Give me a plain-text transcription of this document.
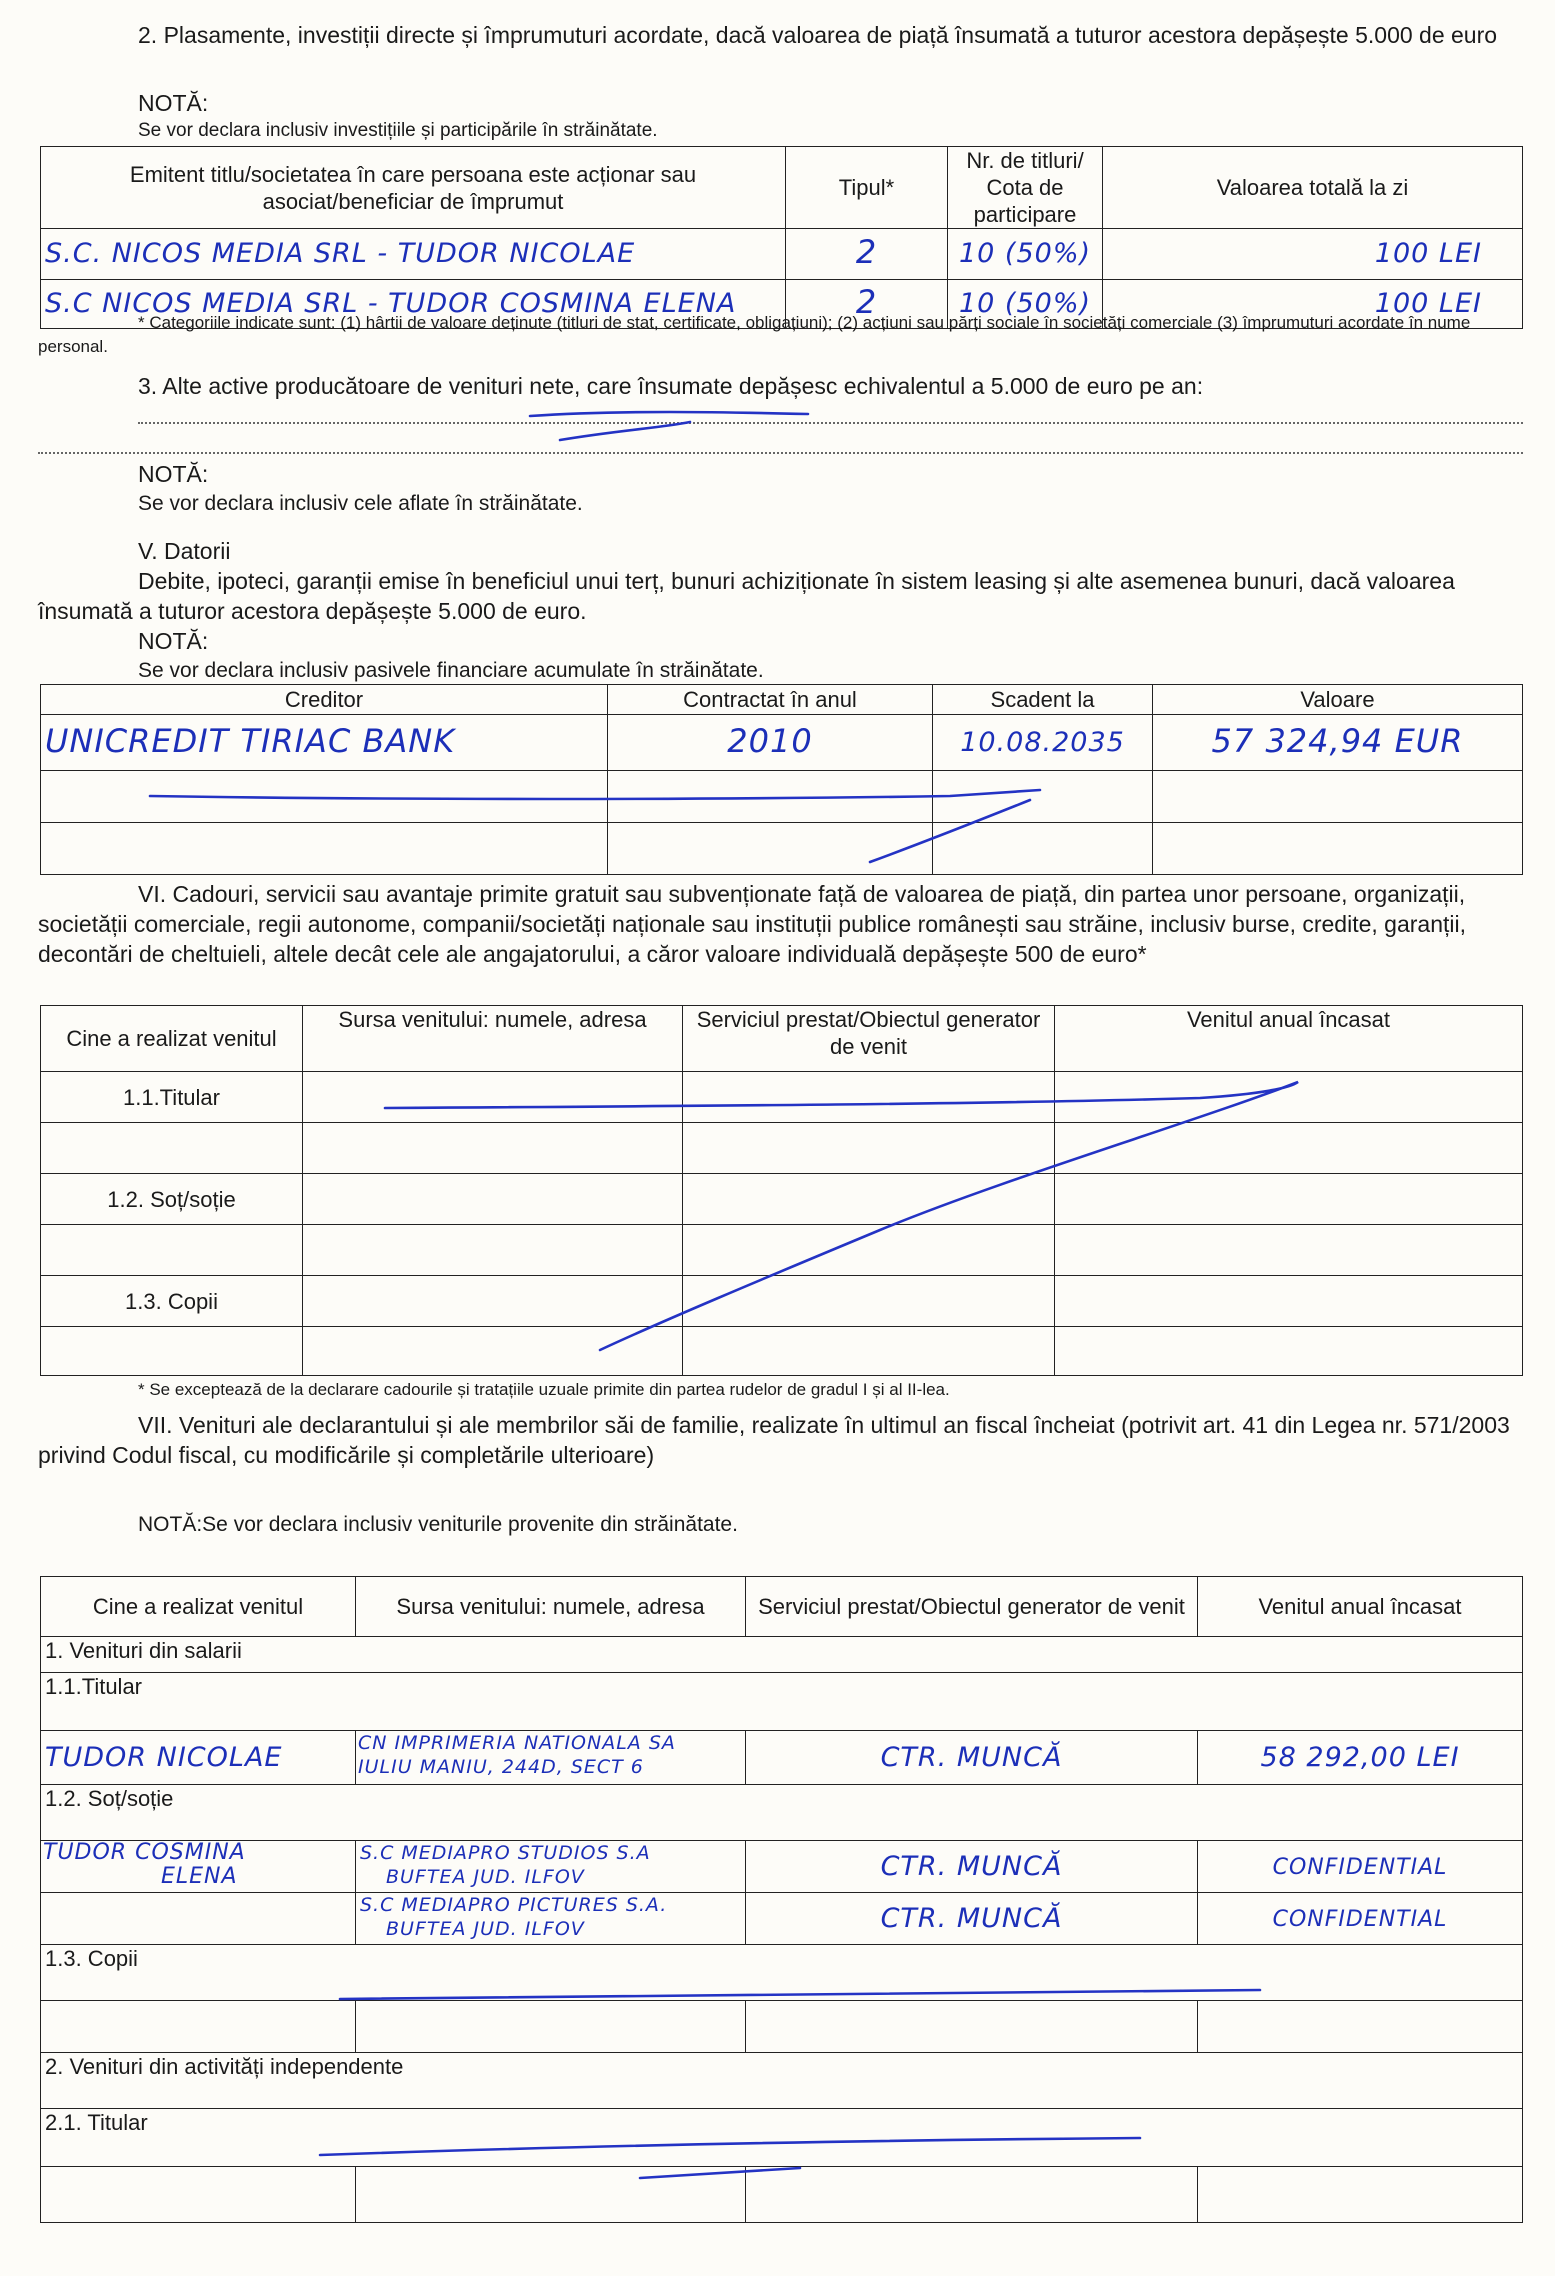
2. Plasamente, investiții directe și împrumuturi acordate, dacă valoarea de piață însumată a tuturor acestora depășește 5.000 de euro
NOTĂ:
Se vor declara inclusiv investițiile și participările în străinătate.
Emitent titlu/societatea în care persoana este acționar sau asociat/beneficiar de împrumut	Tipul*	Nr. de titluri/ Cota de participare	Valoarea totală la zi
S.C. NICOS MEDIA SRL - TUDOR NICOLAE	2	10 (50%)	100 LEI
S.C NICOS MEDIA SRL - TUDOR COSMINA ELENA	2	10 (50%)	100 LEI
* Categoriile indicate sunt: (1) hârtii de valoare deținute (titluri de stat, certificate, obligațiuni); (2) acțiuni sau părți sociale în societăți comerciale (3) împrumuturi acordate în nume personal.
3. Alte active producătoare de venituri nete, care însumate depășesc echivalentul a 5.000 de euro pe an:
NOTĂ:
Se vor declara inclusiv cele aflate în străinătate.
V. Datorii
Debite, ipoteci, garanții emise în beneficiul unui terț, bunuri achiziționate în sistem leasing și alte asemenea bunuri, dacă valoarea însumată a tuturor acestora depășește 5.000 de euro.
NOTĂ:
Se vor declara inclusiv pasivele financiare acumulate în străinătate.
Creditor	Contractat în anul	Scadent la	Valoare
UNICREDIT TIRIAC BANK	2010	10.08.2035	57 324,94 EUR

VI. Cadouri, servicii sau avantaje primite gratuit sau subvenționate față de valoarea de piață, din partea unor persoane, organizații, societății comerciale, regii autonome, companii/societăți naționale sau instituții publice românești sau străine, inclusiv burse, credite, garanții, decontări de cheltuieli, altele decât cele ale angajatorului, a căror valoare individuală depășește 500 de euro*
Cine a realizat venitul	Sursa venitului: numele, adresa	Serviciul prestat/Obiectul generator de venit	Venitul anual încasat
1.1.Titular			

1.2. Soț/soție			

1.3. Copii			

* Se exceptează de la declarare cadourile și tratațiile uzuale primite din partea rudelor de gradul I și al II-lea.
VII. Venituri ale declarantului și ale membrilor săi de familie, realizate în ultimul an fiscal încheiat (potrivit art. 41 din Legea nr. 571/2003 privind Codul fiscal, cu modificările și completările ulterioare)
NOTĂ:Se vor declara inclusiv veniturile provenite din străinătate.
Cine a realizat venitul	Sursa venitului: numele, adresa	Serviciul prestat/Obiectul generator de venit	Venitul anual încasat
1. Venituri din salarii			
1.1.Titular			
TUDOR NICOLAE	CN IMPRIMERIA NATIONALA SA
IULIU MANIU, 244D, SECT 6	CTR. MUNCĂ	58 292,00 LEI
1.2. Soț/soție			

TUDOR COSMINA
ELENA	S.C MEDIAPRO STUDIOS S.A
BUFTEA JUD. ILFOV	CTR. MUNCĂ	CONFIDENTIAL

	S.C MEDIAPRO PICTURES S.A.
BUFTEA JUD. ILFOV	CTR. MUNCĂ	CONFIDENTIAL
1.3. Copii			

2. Venituri din activități independente			
2.1. Titular			
